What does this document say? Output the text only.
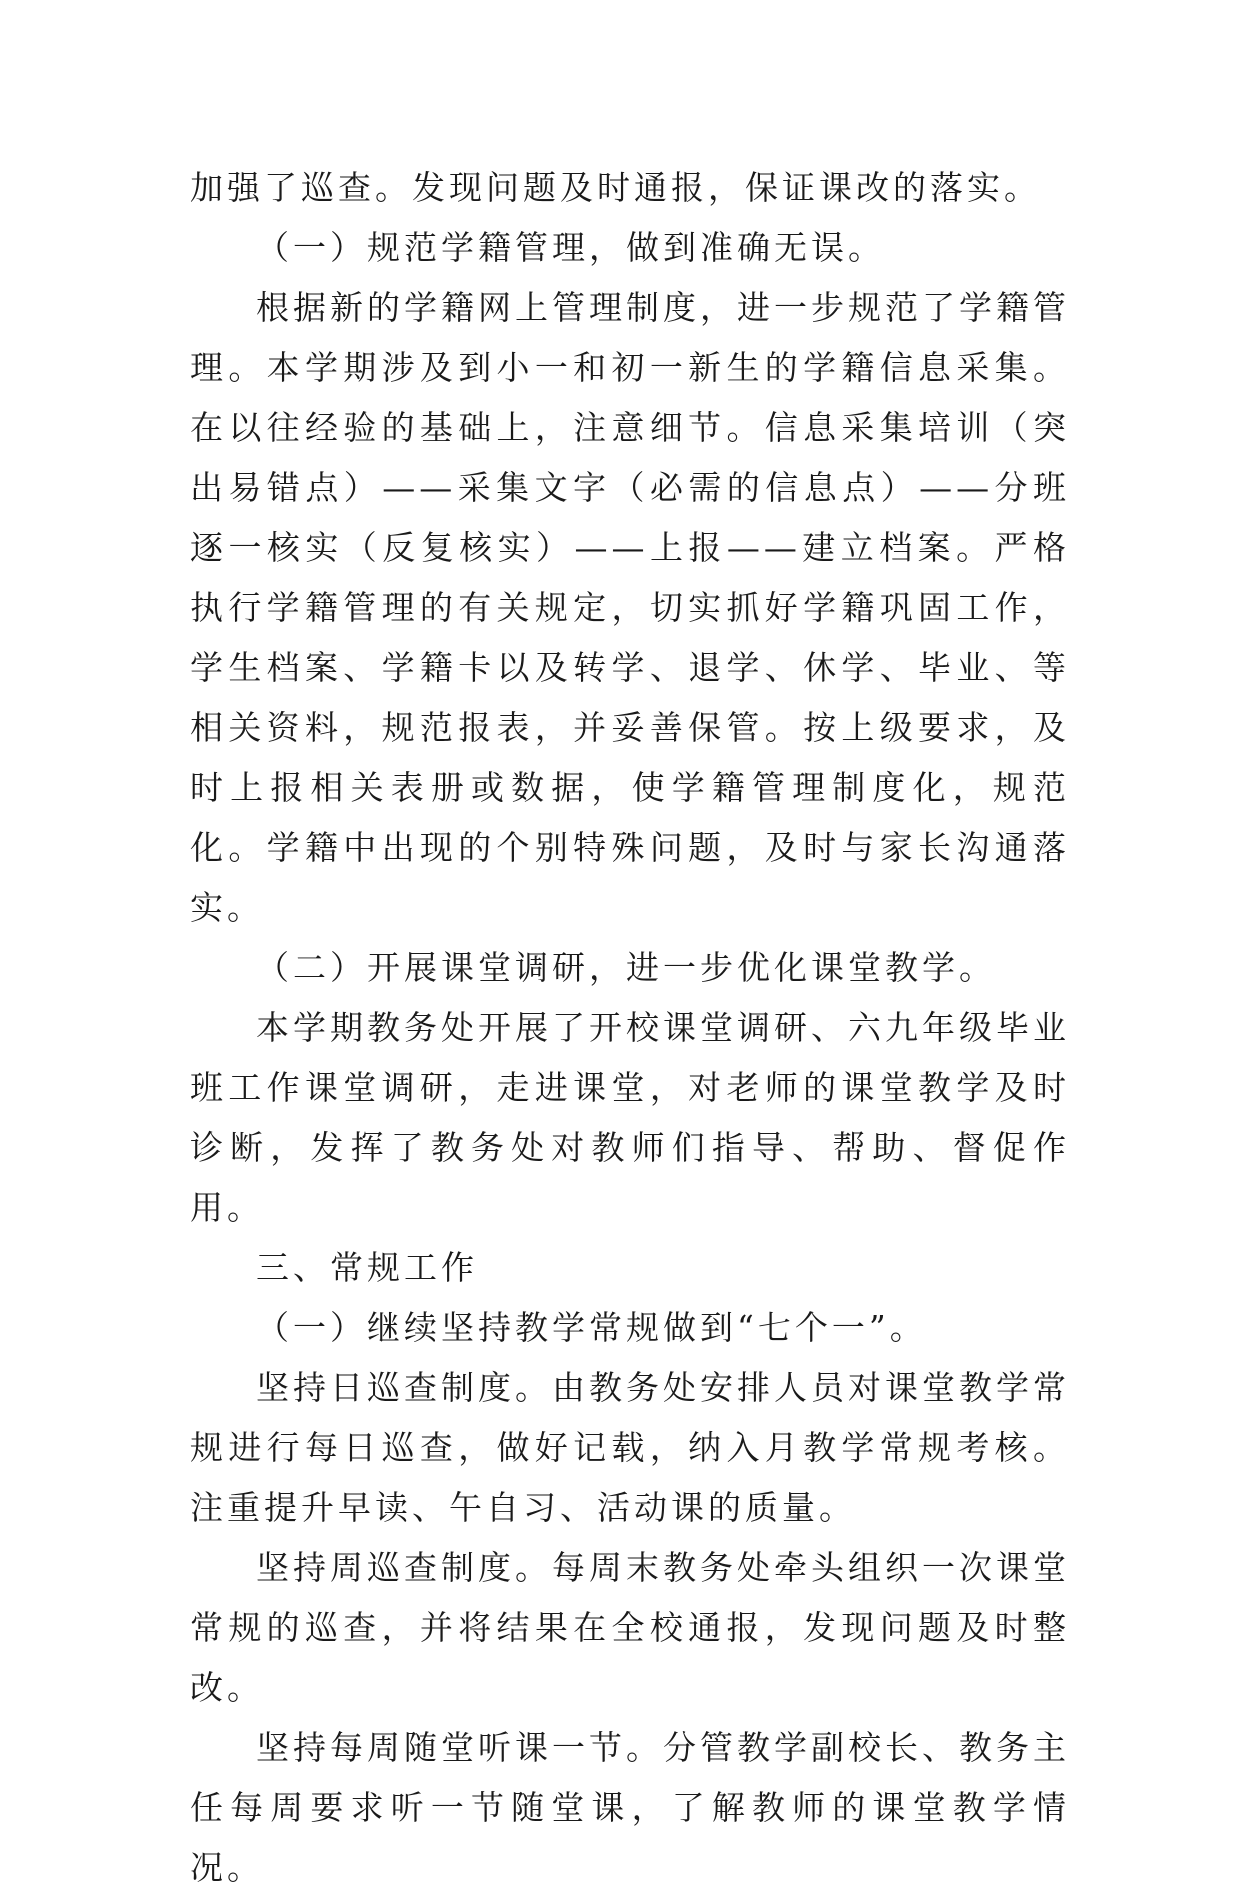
加强了巡查。发现问题及时通报，保证课改的落实。

（一）规范学籍管理，做到准确无误。

根据新的学籍网上管理制度，进一步规范了学籍管理。本学期涉及到小一和初一新生的学籍信息采集。在以往经验的基础上，注意细节。信息采集培训（突出易错点）——采集文字（必需的信息点）——分班逐一核实（反复核实）——上报——建立档案。严格执行学籍管理的有关规定，切实抓好学籍巩固工作，学生档案、学籍卡以及转学、退学、休学、毕业、等相关资料，规范报表，并妥善保管。按上级要求，及时上报相关表册或数据，使学籍管理制度化，规范化。学籍中出现的个别特殊问题，及时与家长沟通落实。

（二）开展课堂调研，进一步优化课堂教学。

本学期教务处开展了开校课堂调研、六九年级毕业班工作课堂调研，走进课堂，对老师的课堂教学及时诊断，发挥了教务处对教师们指导、帮助、督促作用。

三、常规工作

（一）继续坚持教学常规做到“七个一”。

坚持日巡查制度。由教务处安排人员对课堂教学常规进行每日巡查，做好记载，纳入月教学常规考核。注重提升早读、午自习、活动课的质量。

坚持周巡查制度。每周末教务处牵头组织一次课堂常规的巡查，并将结果在全校通报，发现问题及时整改。

坚持每周随堂听课一节。分管教学副校长、教务主任每周要求听一节随堂课，了解教师的课堂教学情况。
